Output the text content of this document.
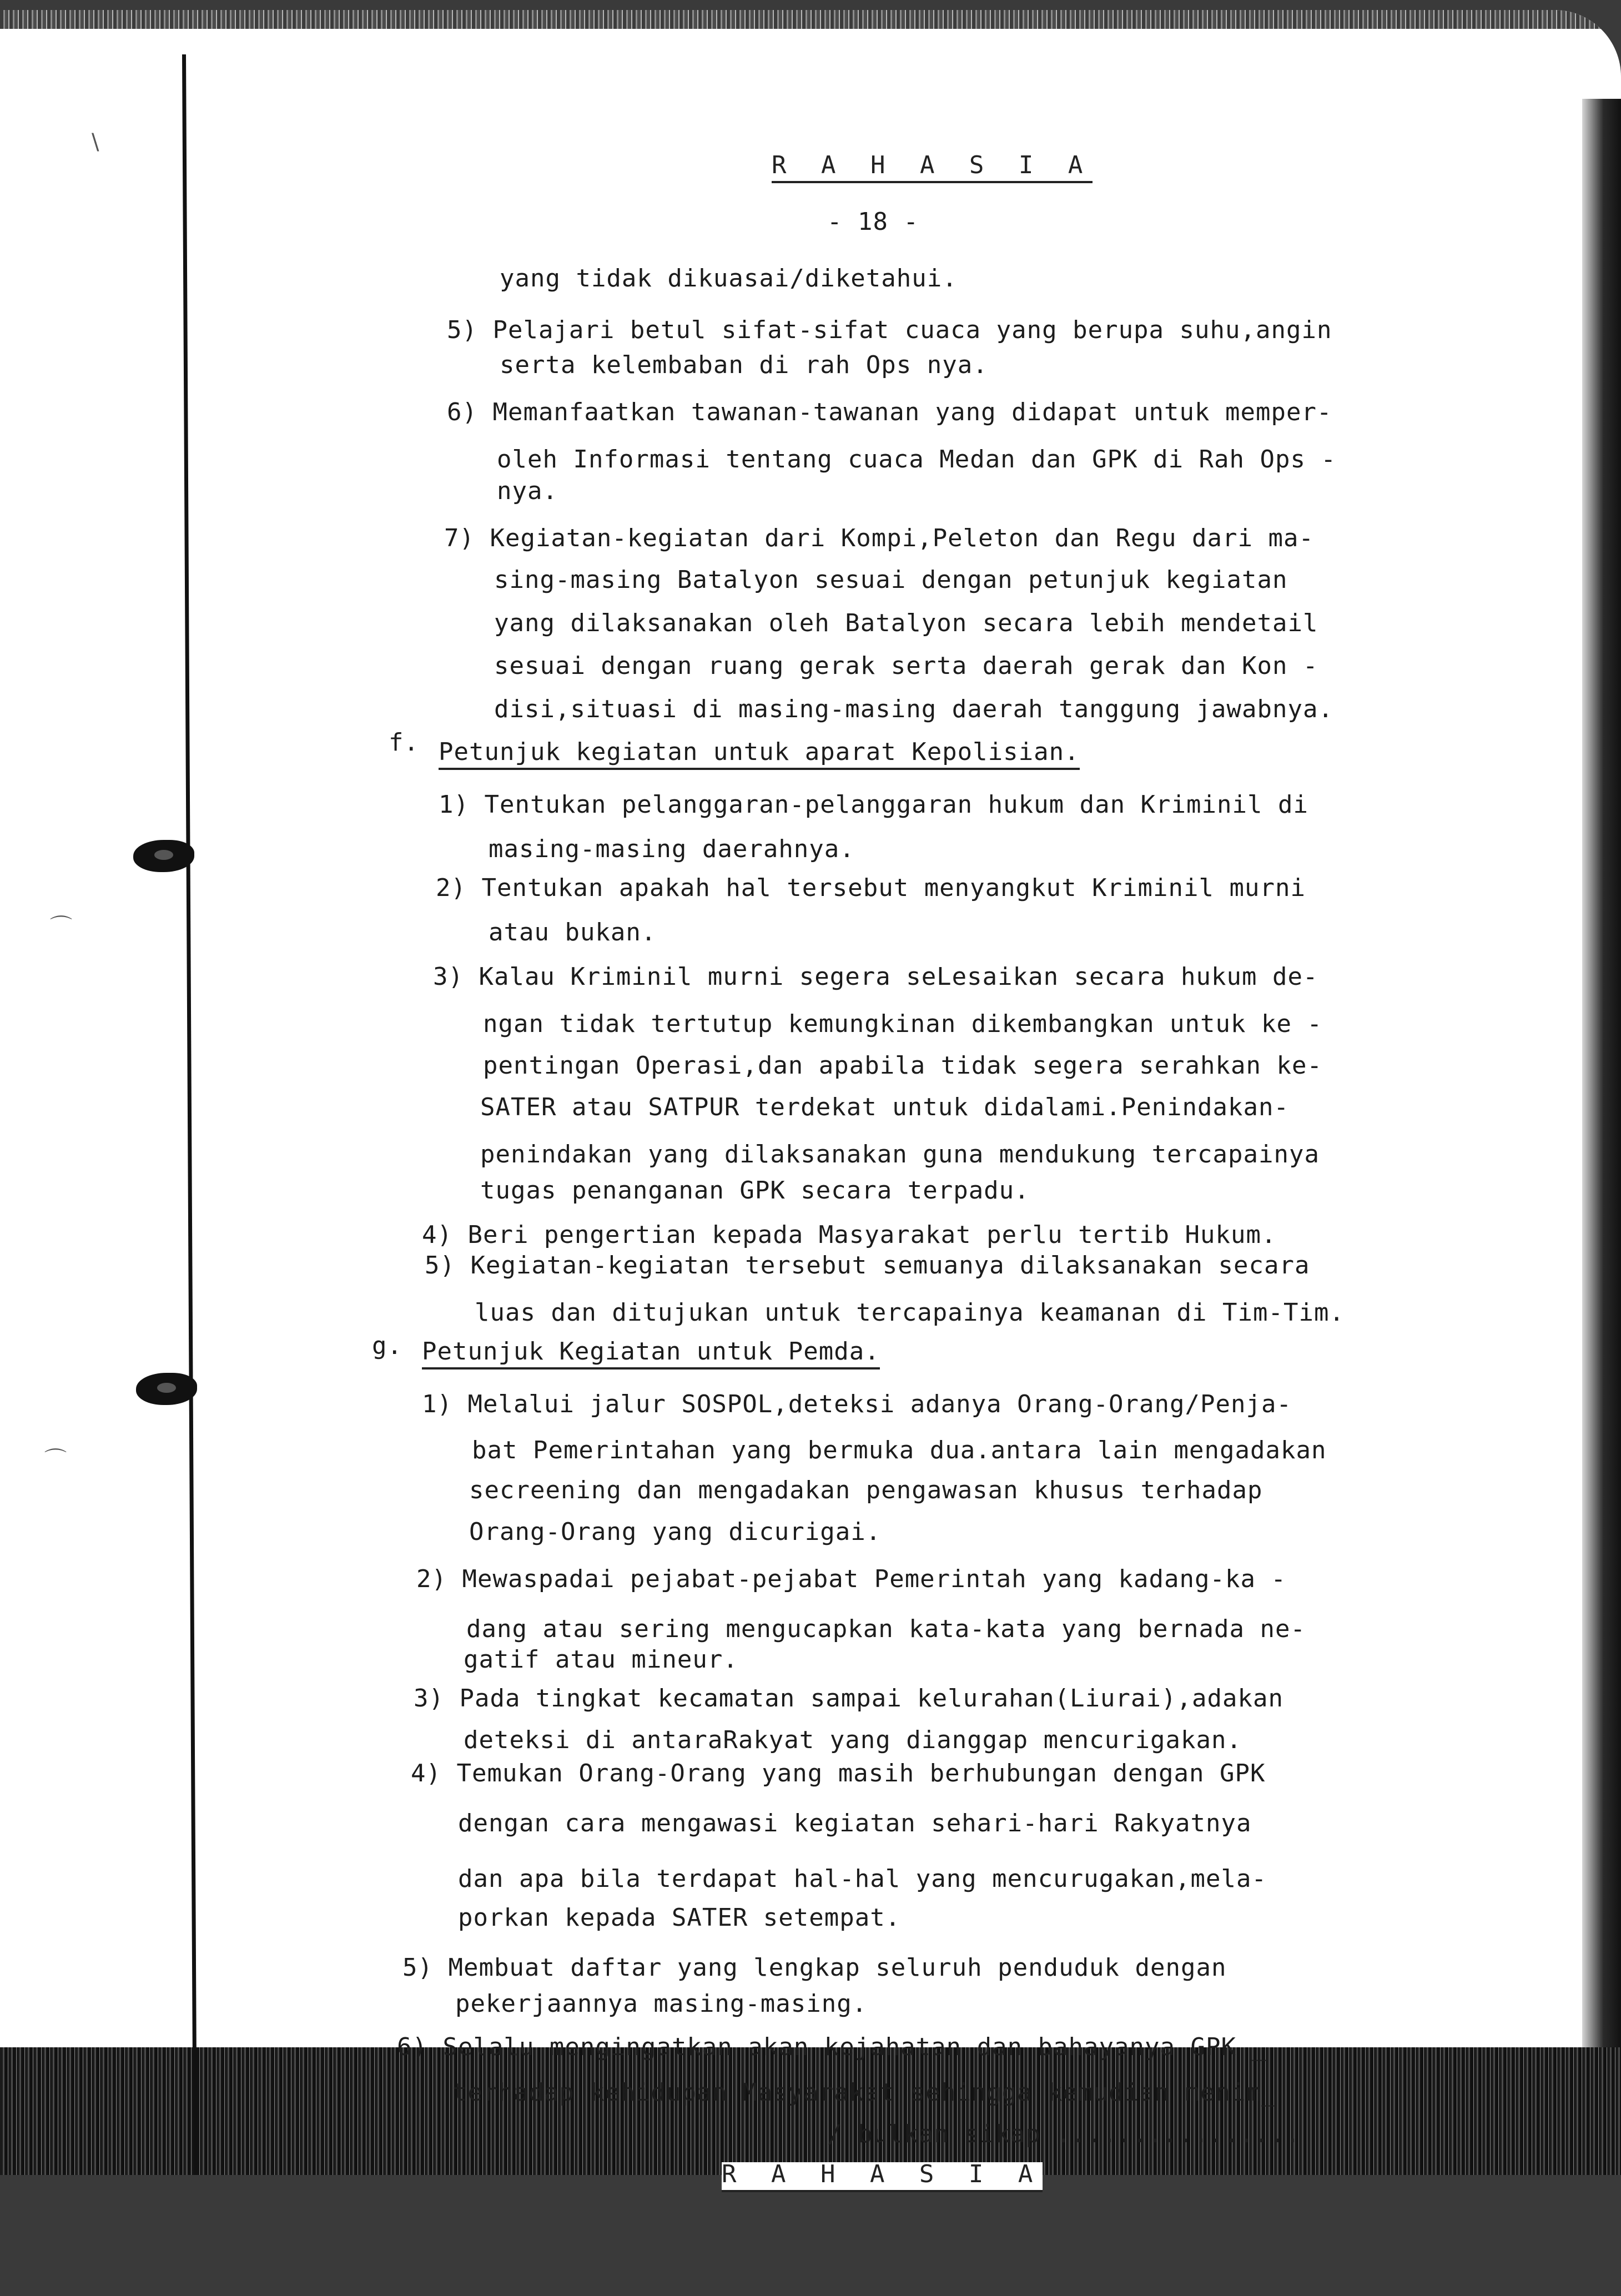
\
⌒
⌒
R A H A S I A
- 18 -
yang tidak dikuasai/diketahui.
5) Pelajari betul sifat-sifat cuaca yang berupa suhu,angin
serta kelembaban di rah Ops nya.
6) Memanfaatkan tawanan-tawanan yang didapat untuk memper-
oleh Informasi tentang cuaca Medan dan GPK di Rah Ops -
nya.
7) Kegiatan-kegiatan dari Kompi,Peleton dan Regu dari ma-
sing-masing Batalyon sesuai dengan petunjuk kegiatan
yang dilaksanakan oleh Batalyon secara lebih mendetail
sesuai dengan ruang gerak serta daerah gerak dan Kon -
disi,situasi di masing-masing daerah tanggung jawabnya.
f. Petunjuk kegiatan untuk aparat Kepolisian.
1) Tentukan pelanggaran-pelanggaran hukum dan Kriminil di
masing-masing daerahnya.
2) Tentukan apakah hal tersebut menyangkut Kriminil murni
atau bukan.
3) Kalau Kriminil murni segera seLesaikan secara hukum de-
ngan tidak tertutup kemungkinan dikembangkan untuk ke -
pentingan Operasi,dan apabila tidak segera serahkan ke-
SATER atau SATPUR terdekat untuk didalami.Penindakan-
penindakan yang dilaksanakan guna mendukung tercapainya
tugas penanganan GPK secara terpadu.
4) Beri pengertian kepada Masyarakat perlu tertib Hukum.
5) Kegiatan-kegiatan tersebut semuanya dilaksanakan secara
luas dan ditujukan untuk tercapainya keamanan di Tim-Tim.
g. Petunjuk Kegiatan untuk Pemda.
1) Melalui jalur SOSPOL,deteksi adanya Orang-Orang/Penja-
bat Pemerintahan yang bermuka dua.antara lain mengadakan
secreening dan mengadakan pengawasan khusus terhadap
Orang-Orang yang dicurigai.
2) Mewaspadai pejabat-pejabat Pemerintah yang kadang-ka -
dang atau sering mengucapkan kata-kata yang bernada ne-
gatif atau mineur.
3) Pada tingkat kecamatan sampai kelurahan(Liurai),adakan
deteksi di antaraRakyat yang dianggap mencurigakan.
4) Temukan Orang-Orang yang masih berhubungan dengan GPK
dengan cara mengawasi kegiatan sehari-hari Rakyatnya
dan apa bila terdapat hal-hal yang mencurugakan,mela-
porkan kepada SATER setempat.
5) Membuat daftar yang lengkap seluruh penduduk dengan
pekerjaannya masing-masing.
6) Selalu mengingatkan akan kejahatan dan bahayanya GPK _
terhadap kehidupan Masyarakat sehingga kemudian menim_
/ bulkan sikap ................
R A H A S I A
